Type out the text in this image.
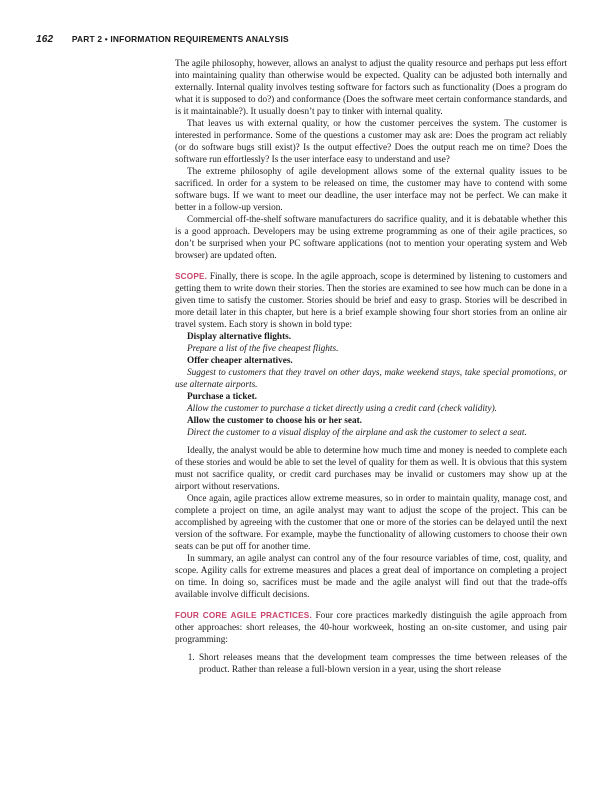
162 PART 2 • INFORMATION REQUIREMENTS ANALYSIS

The agile philosophy, however, allows an analyst to adjust the quality resource and perhaps put less effort into maintaining quality than otherwise would be expected. Quality can be adjusted both internally and externally. Internal quality involves testing software for factors such as functionality (Does a program do what it is supposed to do?) and conformance (Does the software meet certain conformance standards, and is it maintainable?). It usually doesn’t pay to tinker with internal quality.

That leaves us with external quality, or how the customer perceives the system. The customer is interested in performance. Some of the questions a customer may ask are: Does the program act reliably (or do software bugs still exist)? Is the output effective? Does the output reach me on time? Does the software run effortlessly? Is the user interface easy to understand and use?

The extreme philosophy of agile development allows some of the external quality issues to be sacrificed. In order for a system to be released on time, the customer may have to contend with some software bugs. If we want to meet our deadline, the user interface may not be perfect. We can make it better in a follow-up version.

Commercial off-the-shelf software manufacturers do sacrifice quality, and it is debatable whether this is a good approach. Developers may be using extreme programming as one of their agile practices, so don’t be surprised when your PC software applications (not to mention your operating system and Web browser) are updated often.

SCOPE. Finally, there is scope. In the agile approach, scope is determined by listening to customers and getting them to write down their stories. Then the stories are examined to see how much can be done in a given time to satisfy the customer. Stories should be brief and easy to grasp. Stories will be described in more detail later in this chapter, but here is a brief example showing four short stories from an online air travel system. Each story is shown in bold type:

Display alternative flights.

Prepare a list of the five cheapest flights.

Offer cheaper alternatives.

Suggest to customers that they travel on other days, make weekend stays, take special promotions, or use alternate airports.

Purchase a ticket.

Allow the customer to purchase a ticket directly using a credit card (check validity).

Allow the customer to choose his or her seat.

Direct the customer to a visual display of the airplane and ask the customer to select a seat.

Ideally, the analyst would be able to determine how much time and money is needed to complete each of these stories and would be able to set the level of quality for them as well. It is obvious that this system must not sacrifice quality, or credit card purchases may be invalid or customers may show up at the airport without reservations.

Once again, agile practices allow extreme measures, so in order to maintain quality, manage cost, and complete a project on time, an agile analyst may want to adjust the scope of the project. This can be accomplished by agreeing with the customer that one or more of the stories can be delayed until the next version of the software. For example, maybe the functionality of allowing customers to choose their own seats can be put off for another time.

In summary, an agile analyst can control any of the four resource variables of time, cost, quality, and scope. Agility calls for extreme measures and places a great deal of importance on completing a project on time. In doing so, sacrifices must be made and the agile analyst will find out that the trade-offs available involve difficult decisions.

FOUR CORE AGILE PRACTICES. Four core practices markedly distinguish the agile approach from other approaches: short releases, the 40-hour workweek, hosting an on-site customer, and using pair programming:

1. Short releases means that the development team compresses the time between releases of the product. Rather than release a full-blown version in a year, using the short release
